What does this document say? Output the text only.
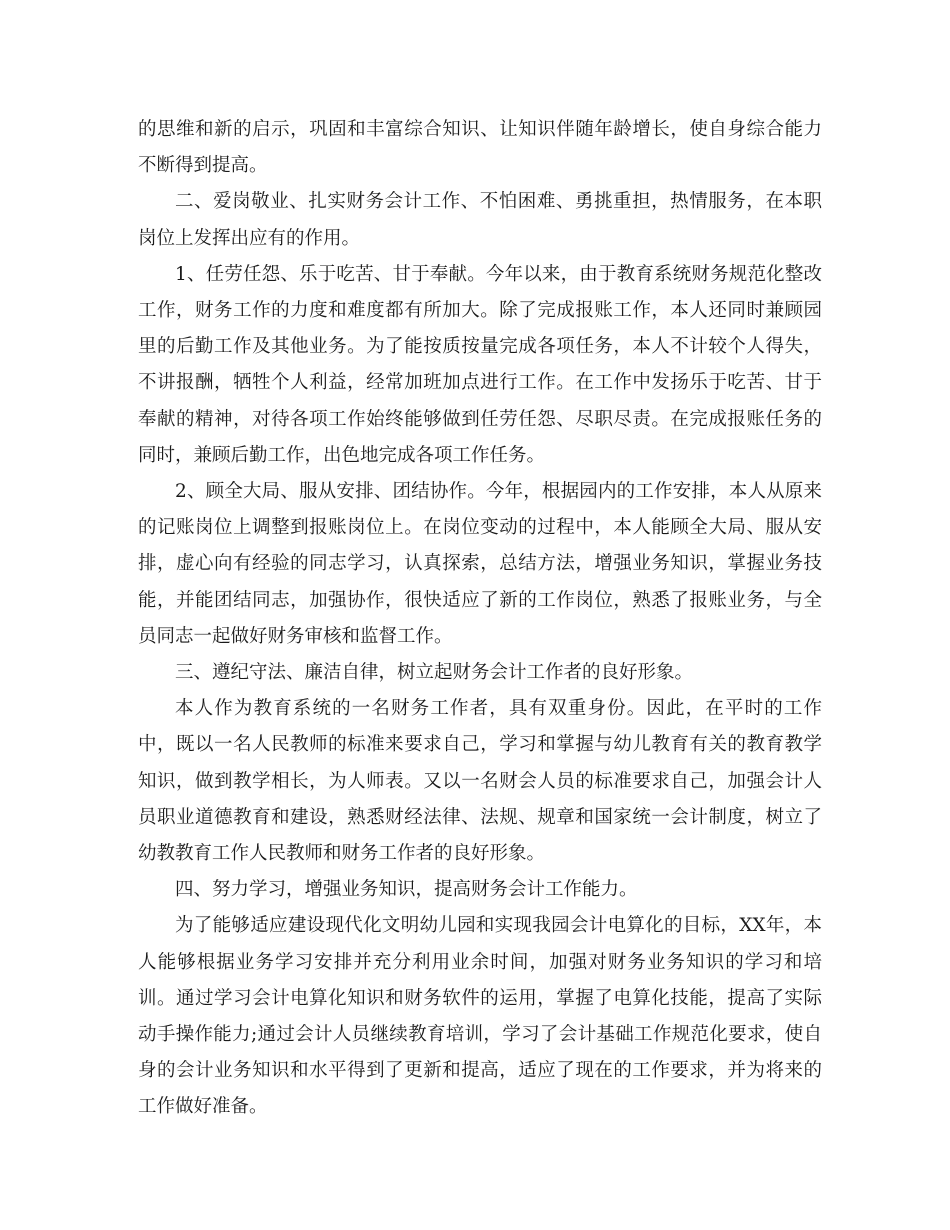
的思维和新的启示，巩固和丰富综合知识、让知识伴随年龄增长，使自身综合能力不断得到提高。

二、爱岗敬业、扎实财务会计工作、不怕困难、勇挑重担，热情服务，在本职岗位上发挥出应有的作用。

1、任劳任怨、乐于吃苦、甘于奉献。今年以来，由于教育系统财务规范化整改工作，财务工作的力度和难度都有所加大。除了完成报账工作，本人还同时兼顾园里的后勤工作及其他业务。为了能按质按量完成各项任务，本人不计较个人得失，不讲报酬，牺牲个人利益，经常加班加点进行工作。在工作中发扬乐于吃苦、甘于奉献的精神，对待各项工作始终能够做到任劳任怨、尽职尽责。在完成报账任务的同时，兼顾后勤工作，出色地完成各项工作任务。

2、顾全大局、服从安排、团结协作。今年，根据园内的工作安排，本人从原来的记账岗位上调整到报账岗位上。在岗位变动的过程中，本人能顾全大局、服从安排，虚心向有经验的同志学习，认真探索，总结方法，增强业务知识，掌握业务技能，并能团结同志，加强协作，很快适应了新的工作岗位，熟悉了报账业务，与全员同志一起做好财务审核和监督工作。

三、遵纪守法、廉洁自律，树立起财务会计工作者的良好形象。

本人作为教育系统的一名财务工作者，具有双重身份。因此，在平时的工作中，既以一名人民教师的标准来要求自己，学习和掌握与幼儿教育有关的教育教学知识，做到教学相长，为人师表。又以一名财会人员的标准要求自己，加强会计人员职业道德教育和建设，熟悉财经法律、法规、规章和国家统一会计制度，树立了幼教教育工作人民教师和财务工作者的良好形象。

四、努力学习，增强业务知识，提高财务会计工作能力。

为了能够适应建设现代化文明幼儿园和实现我园会计电算化的目标，XX年，本人能够根据业务学习安排并充分利用业余时间，加强对财务业务知识的学习和培训。通过学习会计电算化知识和财务软件的运用，掌握了电算化技能，提高了实际动手操作能力;通过会计人员继续教育培训，学习了会计基础工作规范化要求，使自身的会计业务知识和水平得到了更新和提高，适应了现在的工作要求，并为将来的工作做好准备。
